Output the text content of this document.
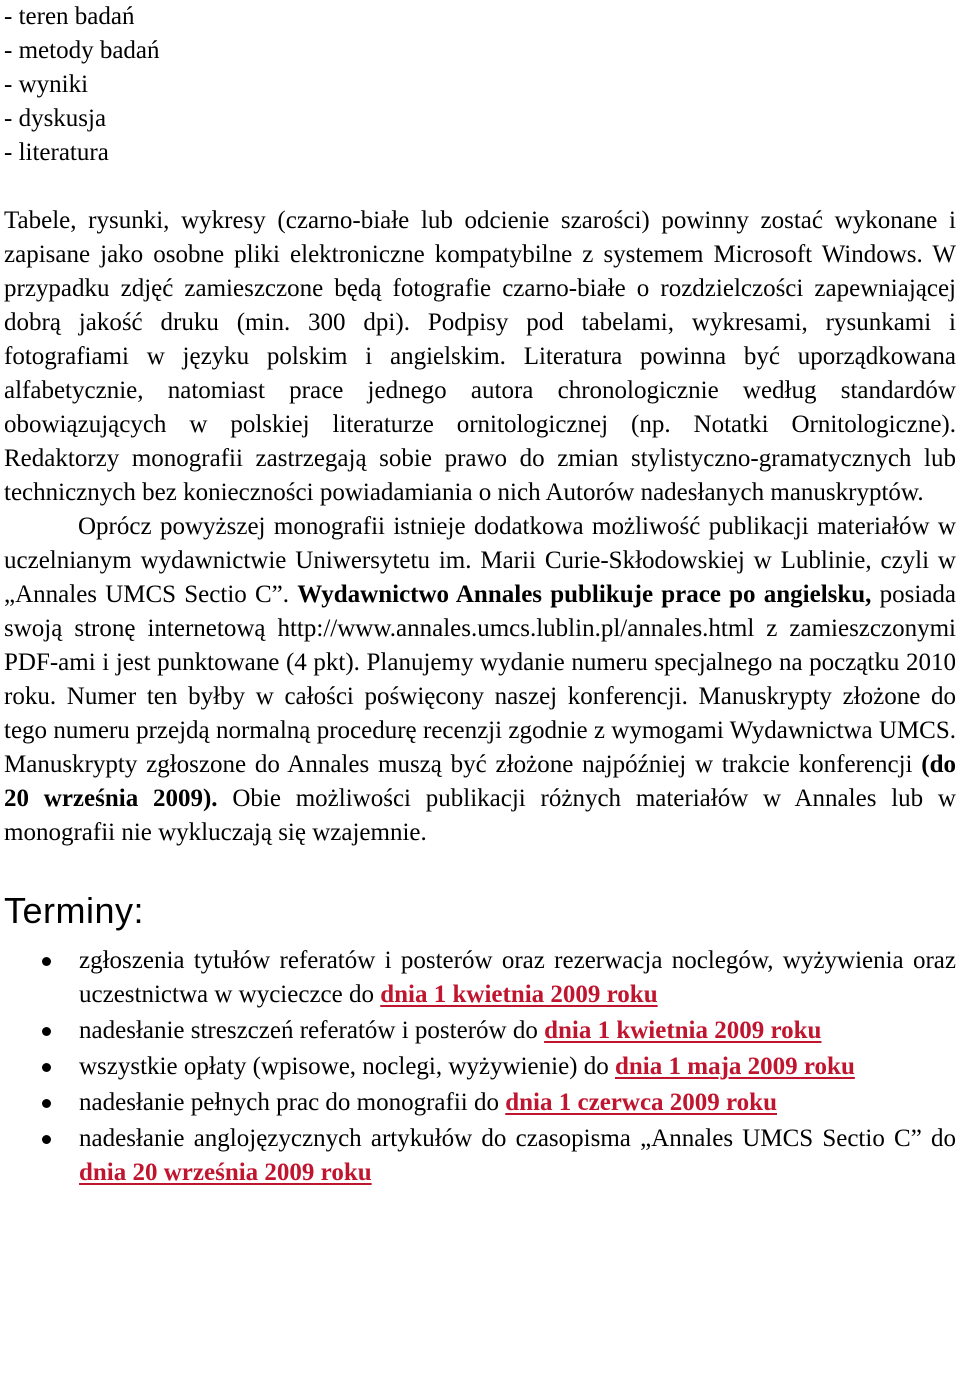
- teren badań
- metody badań
- wyniki
- dyskusja
- literatura

Tabele, rysunki, wykresy (czarno-białe lub odcienie szarości) powinny zostać wykonane i zapisane jako osobne pliki elektroniczne kompatybilne z systemem Microsoft Windows. W przypadku zdjęć zamieszczone będą fotografie czarno-białe o rozdzielczości zapewniającej dobrą jakość druku (min. 300 dpi). Podpisy pod tabelami, wykresami, rysunkami i fotografiami w języku polskim i angielskim. Literatura powinna być uporządkowana alfabetycznie, natomiast prace jednego autora chronologicznie według standardów obowiązujących w polskiej literaturze ornitologicznej (np. Notatki Ornitologiczne). Redaktorzy monografii zastrzegają sobie prawo do zmian stylistyczno-gramatycznych lub technicznych bez konieczności powiadamiania o nich Autorów nadesłanych manuskryptów.

Oprócz powyższej monografii istnieje dodatkowa możliwość publikacji materiałów w uczelnianym wydawnictwie Uniwersytetu im. Marii Curie-Skłodowskiej w Lublinie, czyli w „Annales UMCS Sectio C”. Wydawnictwo Annales publikuje prace po angielsku, posiada swoją stronę internetową http://www.annales.umcs.lublin.pl/annales.html z zamieszczonymi PDF-ami i jest punktowane (4 pkt). Planujemy wydanie numeru specjalnego na początku 2010 roku. Numer ten byłby w całości poświęcony naszej konferencji. Manuskrypty złożone do tego numeru przejdą normalną procedurę recenzji zgodnie z wymogami Wydawnictwa UMCS. Manuskrypty zgłoszone do Annales muszą być złożone najpóźniej w trakcie konferencji (do 20 września 2009). Obie możliwości publikacji różnych materiałów w Annales lub w monografii nie wykluczają się wzajemnie.

Terminy:
zgłoszenia tytułów referatów i posterów oraz rezerwacja noclegów, wyżywienia oraz uczestnictwa w wycieczce do dnia 1 kwietnia 2009 roku
nadesłanie streszczeń referatów i posterów do dnia 1 kwietnia 2009 roku
wszystkie opłaty (wpisowe, noclegi, wyżywienie) do dnia 1 maja 2009 roku
nadesłanie pełnych prac do monografii do dnia 1 czerwca 2009 roku
nadesłanie anglojęzycznych artykułów do czasopisma „Annales UMCS Sectio C” do dnia 20 września 2009 roku
